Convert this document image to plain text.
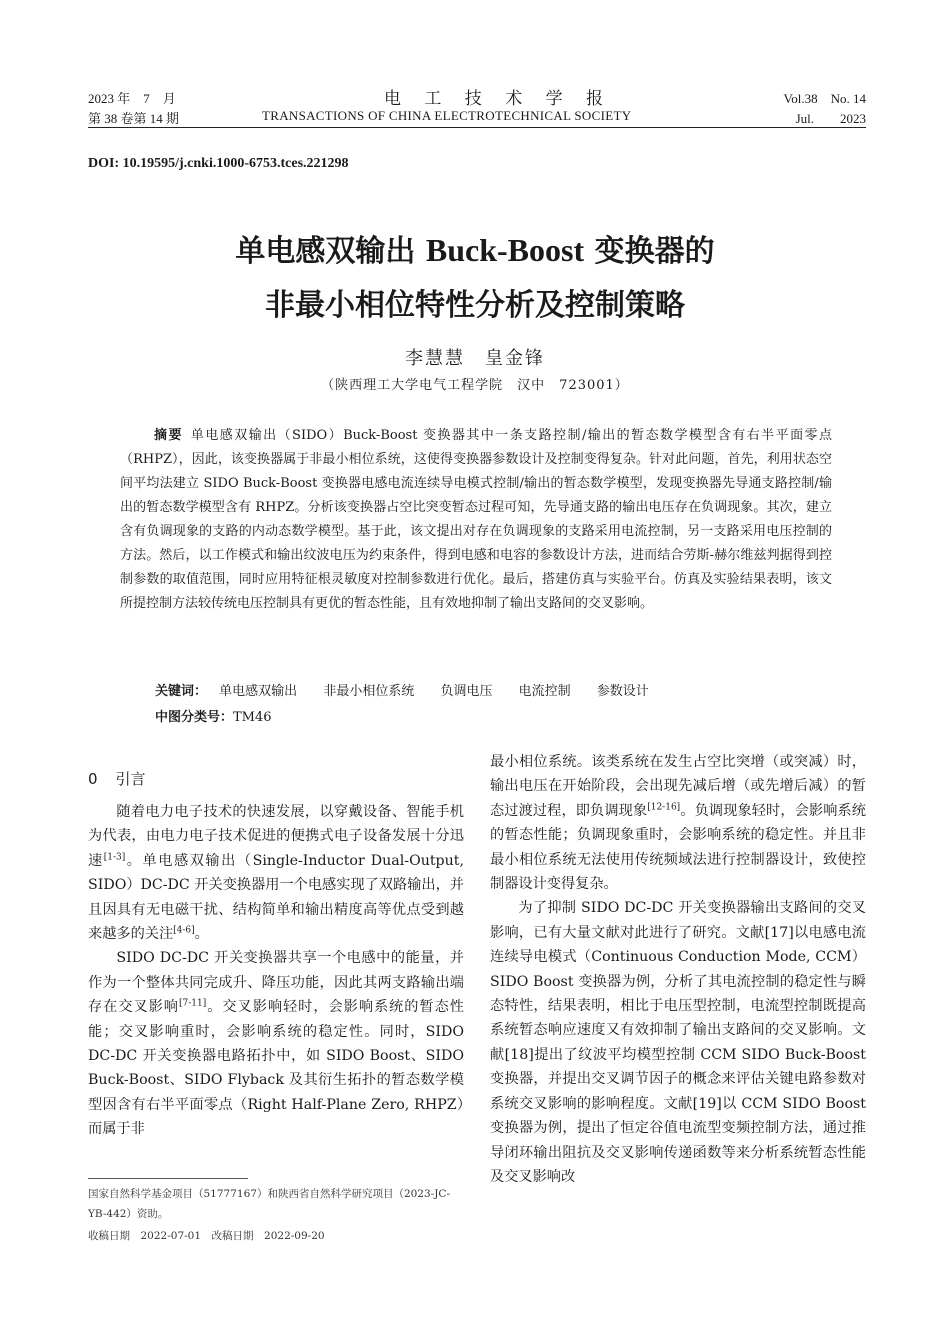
2023 年　7　月
第 38 卷第 14 期
电 工 技 术 学 报
TRANSACTIONS OF CHINA ELECTROTECHNICAL SOCIETY
Vol.38　No. 14
Jul.　　2023
DOI: 10.19595/j.cnki.1000-6753.tces.221298
单电感双输出 Buck-Boost 变换器的
非最小相位特性分析及控制策略
李慧慧　皇金锋
（陕西理工大学电气工程学院　汉中　723001）
摘要 单电感双输出（SIDO）Buck-Boost 变换器其中一条支路控制/输出的暂态数学模型含有右半平面零点（RHPZ），因此，该变换器属于非最小相位系统，这使得变换器参数设计及控制变得复杂。针对此问题，首先，利用状态空间平均法建立 SIDO Buck-Boost 变换器电感电流连续导电模式控制/输出的暂态数学模型，发现变换器先导通支路控制/输出的暂态数学模型含有 RHPZ。分析该变换器占空比突变暂态过程可知，先导通支路的输出电压存在负调现象。其次，建立含有负调现象的支路的内动态数学模型。基于此，该文提出对存在负调现象的支路采用电流控制，另一支路采用电压控制的方法。然后，以工作模式和输出纹波电压为约束条件，得到电感和电容的参数设计方法，进而结合劳斯-赫尔维兹判据得到控制参数的取值范围，同时应用特征根灵敏度对控制参数进行优化。最后，搭建仿真与实验平台。仿真及实验结果表明，该文所提控制方法较传统电压控制具有更优的暂态性能，且有效地抑制了输出支路间的交叉影响。
关键词： 单电感双输出 非最小相位系统 负调电压 电流控制 参数设计
中图分类号：TM46
0 引言

随着电力电子技术的快速发展，以穿戴设备、智能手机为代表，由电力电子技术促进的便携式电子设备发展十分迅速[1-3]。单电感双输出（Single-Inductor Dual-Output, SIDO）DC-DC 开关变换器用一个电感实现了双路输出，并且因具有无电磁干扰、结构简单和输出精度高等优点受到越来越多的关注[4-6]。

SIDO DC-DC 开关变换器共享一个电感中的能量，并作为一个整体共同完成升、降压功能，因此其两支路输出端存在交叉影响[7-11]。交叉影响轻时，会影响系统的暂态性能；交叉影响重时，会影响系统的稳定性。同时，SIDO DC-DC 开关变换器电路拓扑中，如 SIDO Boost、SIDO Buck-Boost、SIDO Flyback 及其衍生拓扑的暂态数学模型因含有右半平面零点（Right Half-Plane Zero, RHPZ）而属于非

最小相位系统。该类系统在发生占空比突增（或突减）时，输出电压在开始阶段，会出现先减后增（或先增后减）的暂态过渡过程，即负调现象[12-16]。负调现象轻时，会影响系统的暂态性能；负调现象重时，会影响系统的稳定性。并且非最小相位系统无法使用传统频域法进行控制器设计，致使控制器设计变得复杂。

为了抑制 SIDO DC-DC 开关变换器输出支路间的交叉影响，已有大量文献对此进行了研究。文献[17]以电感电流连续导电模式（Continuous Conduction Mode, CCM）SIDO Boost 变换器为例，分析了其电流控制的稳定性与瞬态特性，结果表明，相比于电压型控制，电流型控制既提高系统暂态响应速度又有效抑制了输出支路间的交叉影响。文献[18]提出了纹波平均模型控制 CCM SIDO Buck-Boost 变换器，并提出交叉调节因子的概念来评估关键电路参数对系统交叉影响的影响程度。文献[19]以 CCM SIDO Boost 变换器为例，提出了恒定谷值电流型变频控制方法，通过推导闭环输出阻抗及交叉影响传递函数等来分析系统暂态性能及交叉影响改

国家自然科学基金项目（51777167）和陕西省自然科学研究项目（2023-JC-YB-442）资助。
收稿日期　2022-07-01　改稿日期　2022-09-20
